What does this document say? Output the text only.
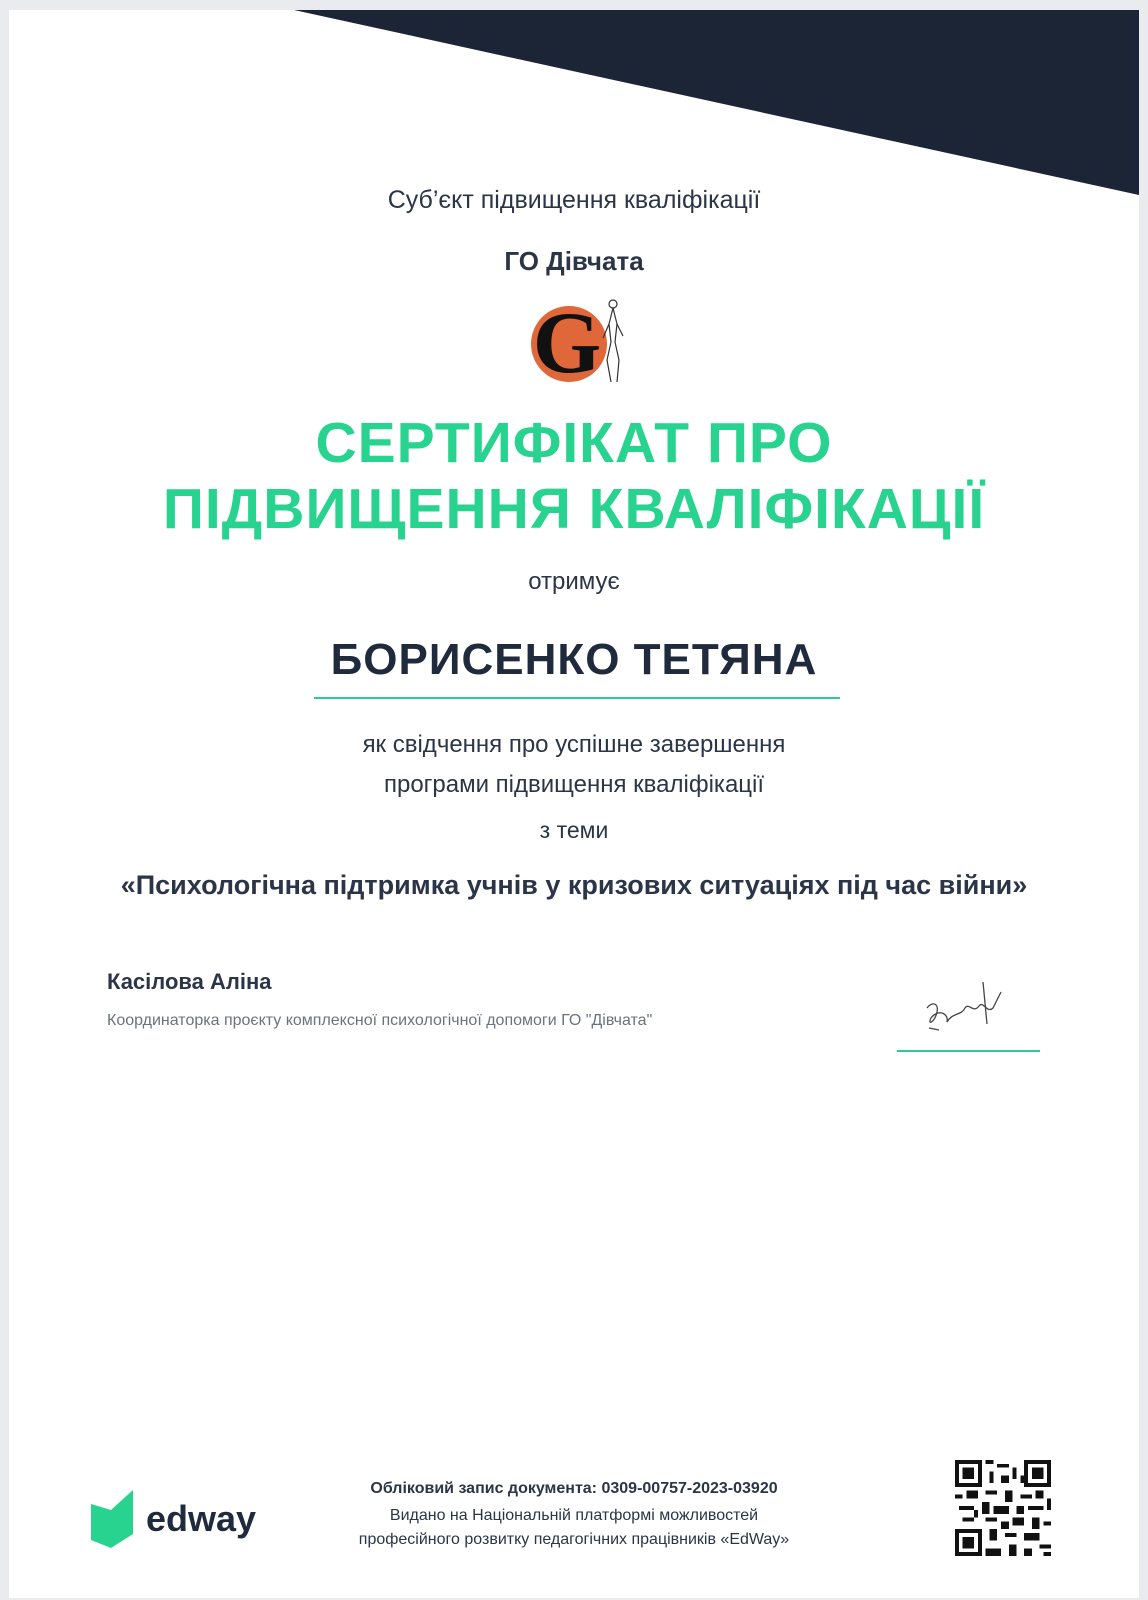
Суб’єкт підвищення кваліфікації
ГО Дівчата
G
СЕРТИФІКАТ ПРО
ПІДВИЩЕННЯ КВАЛІФІКАЦІЇ
отримує
БОРИСЕНКО ТЕТЯНА
як свідчення про успішне завершення
програми підвищення кваліфікації
з теми
«Психологічна підтримка учнів у кризових ситуаціях під час війни»
Касілова Аліна
Координаторка проєкту комплексної психологічної допомоги ГО "Дівчата"
edway
Обліковий запис документа: 0309-00757-2023-03920
Видано на Національній платформі можливостей
професійного розвитку педагогічних працівників «EdWay»
